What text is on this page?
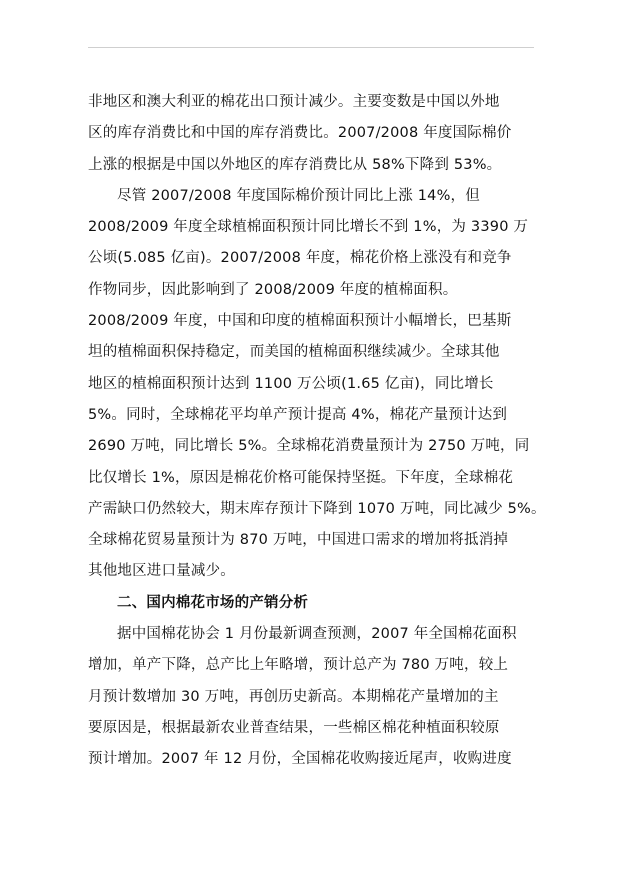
非地区和澳大利亚的棉花出口预计减少。主要变数是中国以外地
区的库存消费比和中国的库存消费比。2007/2008 年度国际棉价
上涨的根据是中国以外地区的库存消费比从 58%下降到 53%。
尽管 2007/2008 年度国际棉价预计同比上涨 14%，但
2008/2009 年度全球植棉面积预计同比增长不到 1%，为 3390 万
公顷(5.085 亿亩)。2007/2008 年度，棉花价格上涨没有和竞争
作物同步，因此影响到了 2008/2009 年度的植棉面积。
2008/2009 年度，中国和印度的植棉面积预计小幅增长，巴基斯
坦的植棉面积保持稳定，而美国的植棉面积继续减少。全球其他
地区的植棉面积预计达到 1100 万公顷(1.65 亿亩)，同比增长
5%。同时，全球棉花平均单产预计提高 4%，棉花产量预计达到
2690 万吨，同比增长 5%。全球棉花消费量预计为 2750 万吨，同
比仅增长 1%，原因是棉花价格可能保持坚挺。下年度，全球棉花
产需缺口仍然较大，期末库存预计下降到 1070 万吨，同比减少 5%。
全球棉花贸易量预计为 870 万吨，中国进口需求的增加将抵消掉
其他地区进口量减少。
二、国内棉花市场的产销分析
据中国棉花协会 1 月份最新调查预测，2007 年全国棉花面积
增加，单产下降，总产比上年略增，预计总产为 780 万吨，较上
月预计数增加 30 万吨，再创历史新高。本期棉花产量增加的主
要原因是，根据最新农业普查结果，一些棉区棉花种植面积较原
预计增加。2007 年 12 月份，全国棉花收购接近尾声，收购进度
